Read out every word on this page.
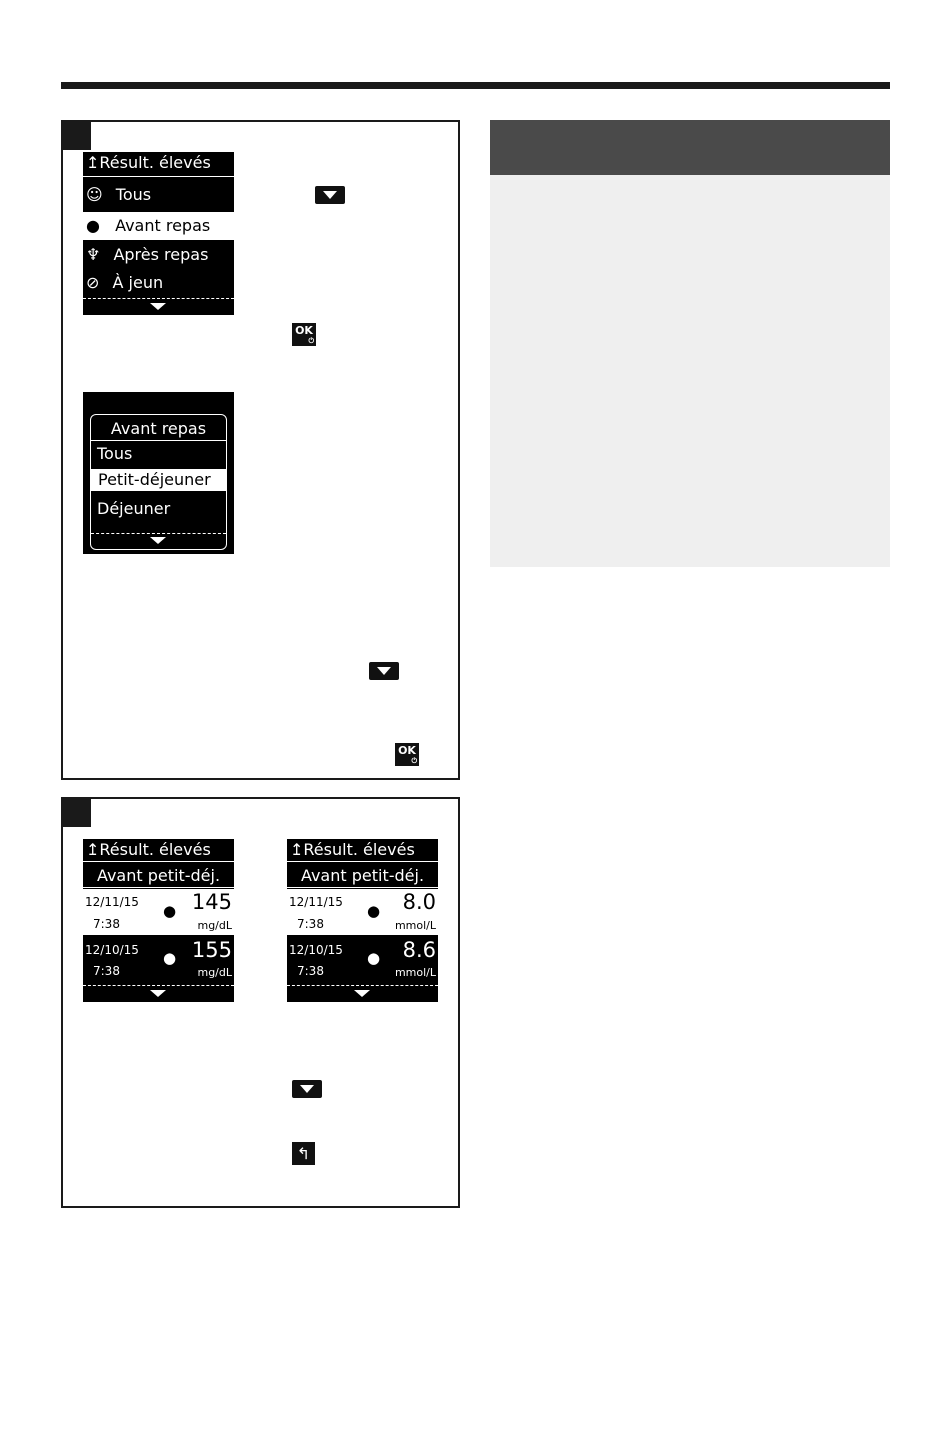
↥Résult. élevés
☺ Tous
● Avant repas
♆ Après repas
⊘ À jeun
OK
⏻
Avant repas
Tous
Petit-déjeuner
Déjeuner
OK
⏻
↥Résult. élevés
Avant petit-déj.
12/11/15
7:38
● 145
mg/dL
12/10/15
7:38
● 155
mg/dL
↥Résult. élevés
Avant petit-déj.
12/11/15
7:38
● 8.0
mmol/L
12/10/15
7:38
● 8.6
mmol/L
↰
